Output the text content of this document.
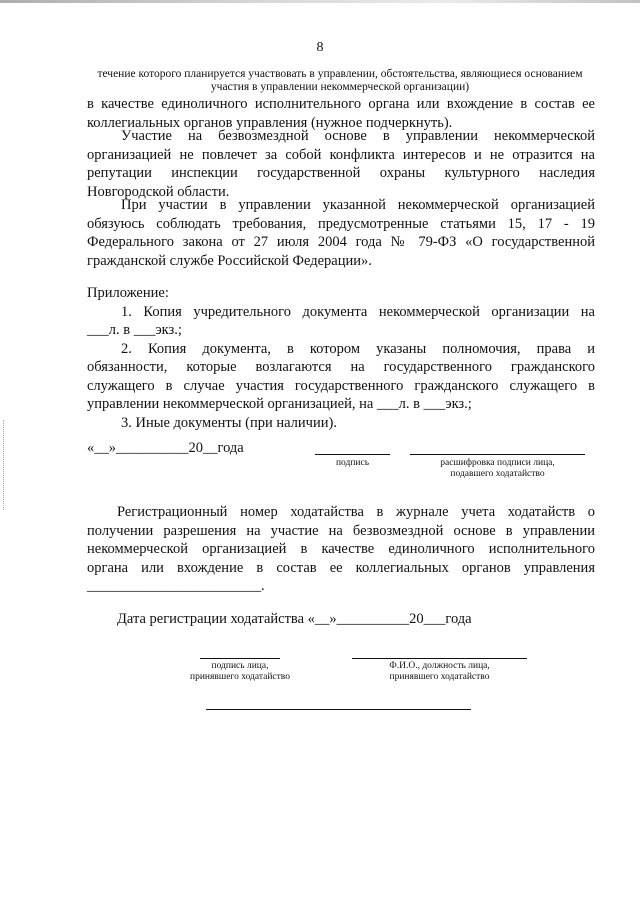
8
течение которого планируется участвовать в управлении, обстоятельства, являющиеся основанием
участия в управлении некоммерческой организации)
в качестве единоличного исполнительного органа или вхождение в состав ее
коллегиальных органов управления (нужное подчеркнуть).
Участие на безвозмездной основе в управлении некоммерческой
организацией не повлечет за собой конфликта интересов и не отразится на
репутации инспекции государственной охраны культурного наследия
Новгородской области.
При участии в управлении указанной некоммерческой организацией
обязуюсь соблюдать требования, предусмотренные статьями 15, 17 - 19
Федерального закона от 27 июля 2004 года № 79-ФЗ «О государственной
гражданской службе Российской Федерации».
Приложение:
1. Копия учредительного документа некоммерческой организации на
___л. в ___экз.;
2. Копия документа, в котором указаны полномочия, права и
обязанности, которые возлагаются на государственного гражданского
служащего в случае участия государственного гражданского служащего в
управлении некоммерческой организацией, на ___л. в ___экз.;
3. Иные документы (при наличии).
«__»__________20__года
подпись	расшифровка подписи лица,
подавшего ходатайство
Регистрационный номер ходатайства в журнале учета ходатайств о
получении разрешения на участие на безвозмездной основе в управлении
некоммерческой организацией в качестве единоличного исполнительного
органа или вхождение в состав ее коллегиальных органов управления
________________________.
Дата регистрации ходатайства «__»__________20___года
подпись лица,
принявшего ходатайство
Ф.И.О., должность лица,
принявшего ходатайство
